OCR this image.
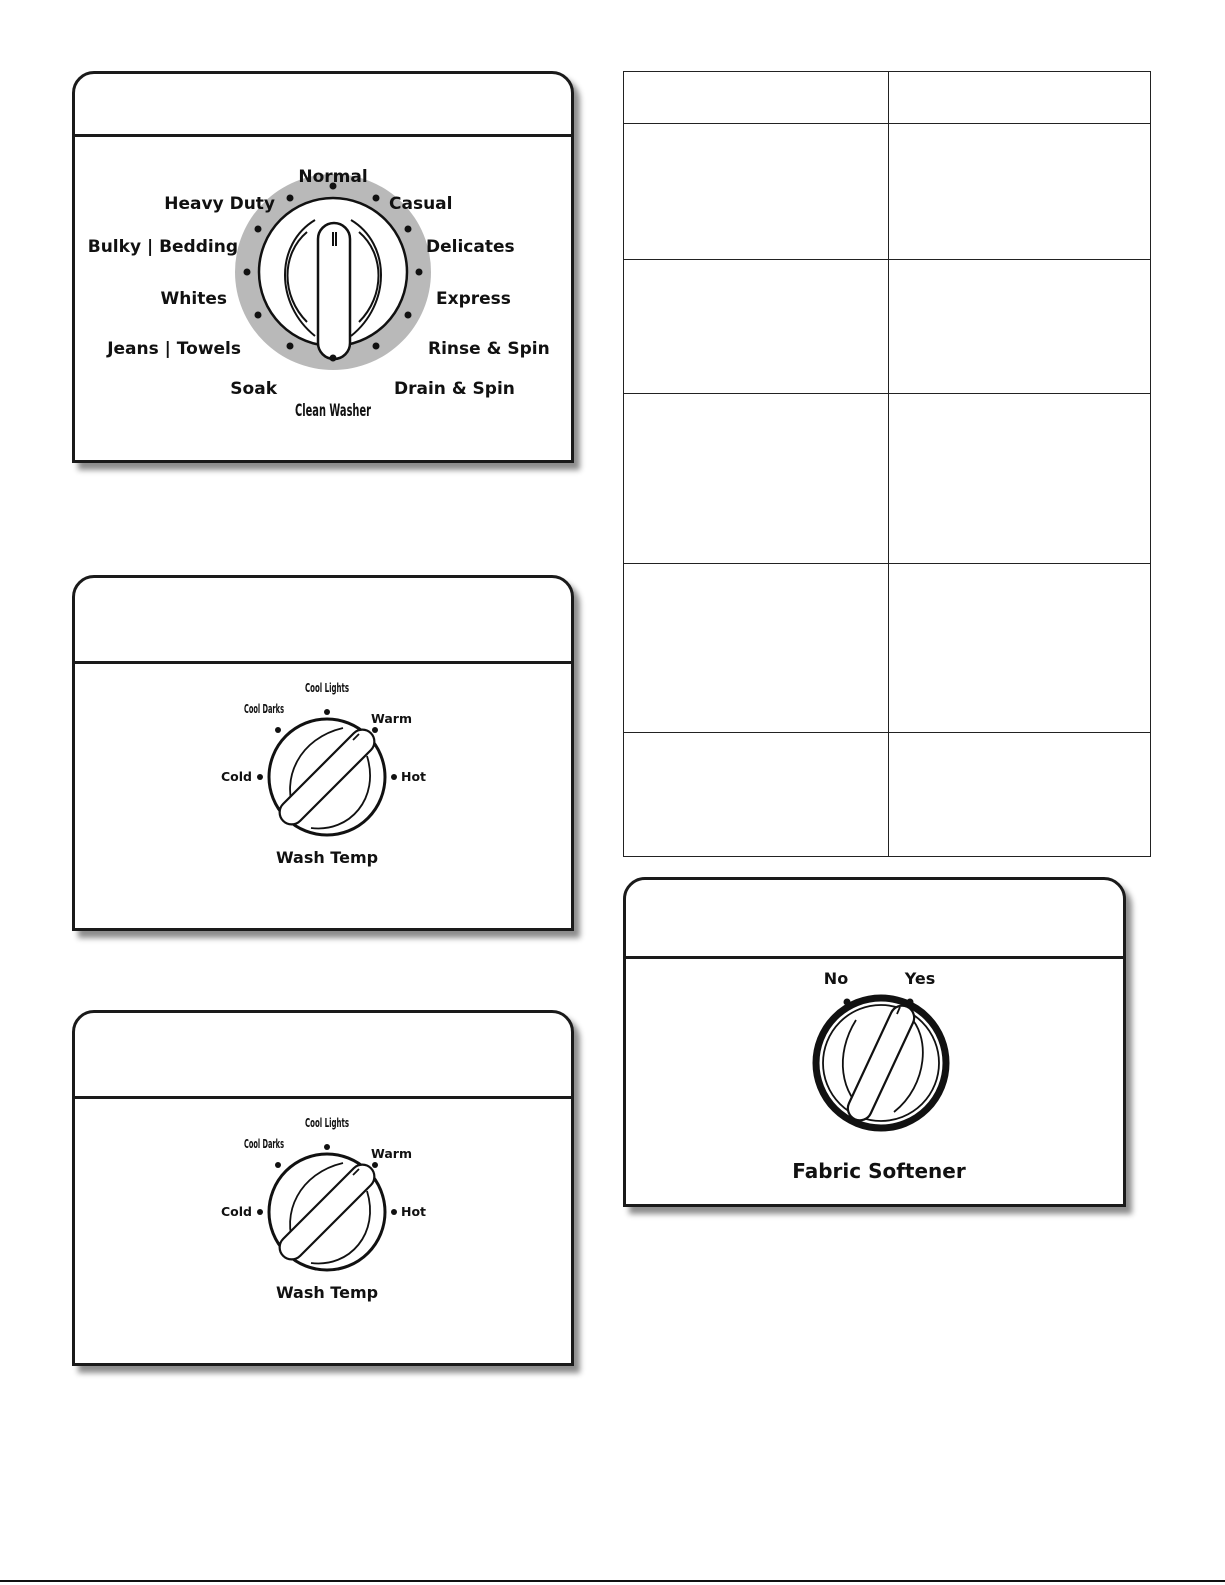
Normal
Casual
Delicates
Express
Rinse & Spin
Drain & Spin
Clean Washer
Soak
Jeans | Towels
Whites
Bulky | Bedding
Heavy Duty
Cold
Cool Darks
Cool Lights
Warm
Hot
Wash Temp
Cold
Cool Darks
Cool Lights
Warm
Hot
Wash Temp
No	Yes
Fabric Softener
